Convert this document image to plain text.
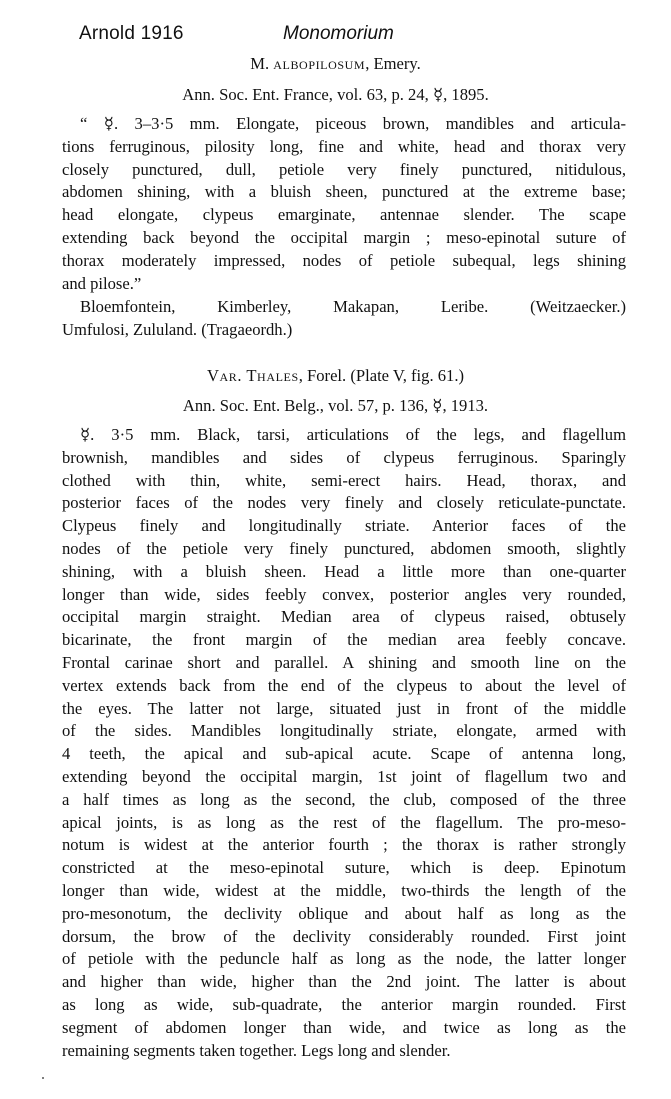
Arnold 1916	Monomorium
M. albopilosum, Emery.
Ann. Soc. Ent. France, vol. 63, p. 24, ☿, 1895.
“ ☿. 3–3·5 mm. Elongate, piceous brown, mandibles and articula-
tions ferruginous, pilosity long, fine and white, head and thorax very
closely punctured, dull, petiole very finely punctured, nitidulous,
abdomen shining, with a bluish sheen, punctured at the extreme base;
head elongate, clypeus emarginate, antennae slender. The scape
extending back beyond the occipital margin ; meso-epinotal suture of
thorax moderately impressed, nodes of petiole subequal, legs shining
and pilose.”
Bloemfontein, Kimberley, Makapan, Leribe. (Weitzaecker.)
Umfulosi, Zululand. (Tragaeordh.)
Var. Thales, Forel. (Plate V, fig. 61.)
Ann. Soc. Ent. Belg., vol. 57, p. 136, ☿, 1913.
☿. 3·5 mm. Black, tarsi, articulations of the legs, and flagellum
brownish, mandibles and sides of clypeus ferruginous. Sparingly
clothed with thin, white, semi-erect hairs. Head, thorax, and
posterior faces of the nodes very finely and closely reticulate-punctate.
Clypeus finely and longitudinally striate. Anterior faces of the
nodes of the petiole very finely punctured, abdomen smooth, slightly
shining, with a bluish sheen. Head a little more than one-quarter
longer than wide, sides feebly convex, posterior angles very rounded,
occipital margin straight. Median area of clypeus raised, obtusely
bicarinate, the front margin of the median area feebly concave.
Frontal carinae short and parallel. A shining and smooth line on the
vertex extends back from the end of the clypeus to about the level of
the eyes. The latter not large, situated just in front of the middle
of the sides. Mandibles longitudinally striate, elongate, armed with
4 teeth, the apical and sub-apical acute. Scape of antenna long,
extending beyond the occipital margin, 1st joint of flagellum two and
a half times as long as the second, the club, composed of the three
apical joints, is as long as the rest of the flagellum. The pro-meso-
notum is widest at the anterior fourth ; the thorax is rather strongly
constricted at the meso-epinotal suture, which is deep. Epinotum
longer than wide, widest at the middle, two-thirds the length of the
pro-mesonotum, the declivity oblique and about half as long as the
dorsum, the brow of the declivity considerably rounded. First joint
of petiole with the peduncle half as long as the node, the latter longer
and higher than wide, higher than the 2nd joint. The latter is about
as long as wide, sub-quadrate, the anterior margin rounded. First
segment of abdomen longer than wide, and twice as long as the
remaining segments taken together. Legs long and slender.
